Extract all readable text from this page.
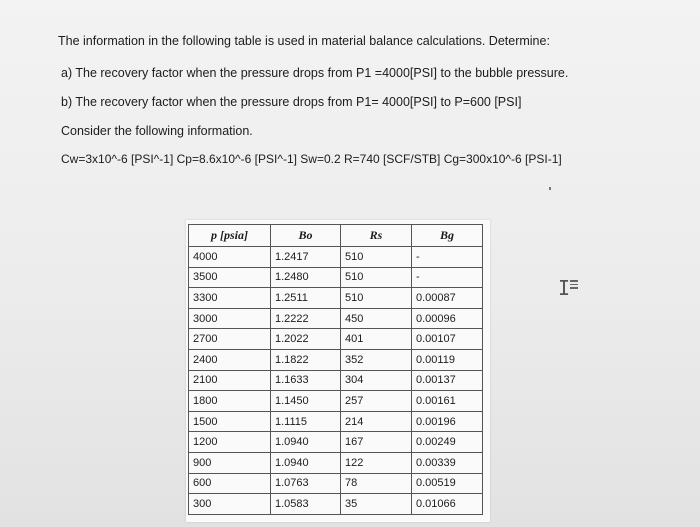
The information in the following table is used in material balance calculations. Determine:
a) The recovery factor when the pressure drops from P1 =4000[PSI] to the bubble pressure.
b) The recovery factor when the pressure drops from P1= 4000[PSI] to P=600 [PSI]
Consider the following information.
Cw=3x10^-6 [PSI^-1] Cp=8.6x10^-6 [PSI^-1] Sw=0.2 R=740 [SCF/STB] Cg=300x10^-6 [PSI-1]
p [psia]	Bo	Rs	Bg
4000	1.2417	510	-
3500	1.2480	510	-
3300	1.2511	510	0.00087
3000	1.2222	450	0.00096
2700	1.2022	401	0.00107
2400	1.1822	352	0.00119
2100	1.1633	304	0.00137
1800	1.1450	257	0.00161
1500	1.1115	214	0.00196
1200	1.0940	167	0.00249
900	1.0940	122	0.00339
600	1.0763	78	0.00519
300	1.0583	35	0.01066
I
